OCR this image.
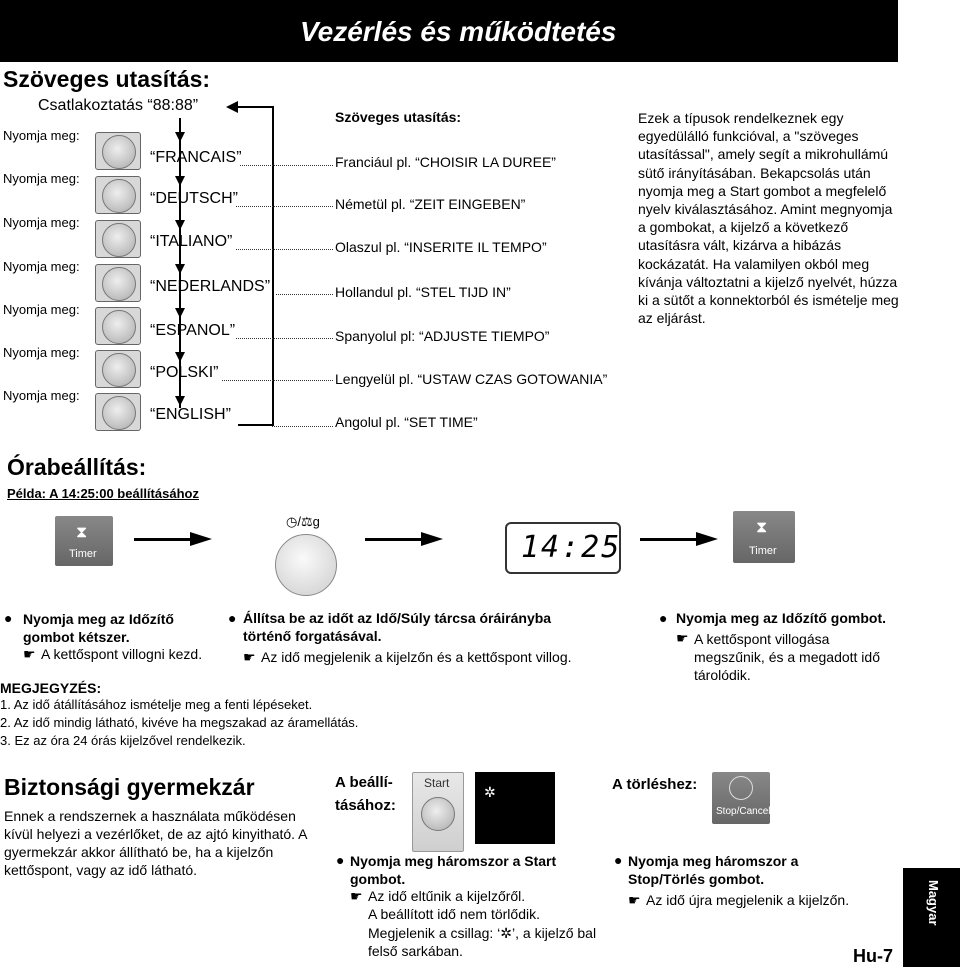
Vezérlés és működtetés
Szöveges utasítás:
Csatlakoztatás “88:88”
Nyomja meg:
Nyomja meg:
Nyomja meg:
Nyomja meg:
Nyomja meg:
Nyomja meg:
Nyomja meg:
“FRANCAIS”
“DEUTSCH”
“ITALIANO”
“NEDERLANDS”
“ESPANOL”
“POLSKI”
“ENGLISH”
Szöveges utasítás:
Franciául pl. “CHOISIR LA DUREE”
Németül pl. “ZEIT EINGEBEN”
Olaszul pl. “INSERITE IL TEMPO”
Hollandul pl. “STEL TIJD IN”
Spanyolul pl: “ADJUSTE TIEMPO”
Lengyelül pl. “USTAW CZAS GOTOWANIA”
Angolul pl. “SET TIME”
Ezek a típusok rendelkeznek egy egyedülálló funkcióval, a "szöveges utasítással", amely segít a mikrohullámú sütő irányításában. Bekapcsolás után nyomja meg a Start gombot a megfelelő nyelv kiválasztásához. Amint megnyomja a gombokat, a kijelző a következő utasításra vált, kizárva a hibázás kockázatát. Ha valamilyen okból meg kívánja változtatni a kijelző nyelvét, húzza ki a sütőt a konnektorból és ismételje meg az eljárást.
Órabeállítás:
Példa: A 14:25:00 beállításához
⧗
Timer
◷/⚖g
14:25
⧗
Timer
● Nyomja meg az Időzítő gombot kétszer.
☛ A kettőspont villogni kezd.
● Állítsa be az időt az Idő/Súly tárcsa óráirányba
történő forgatásával.
☛ Az idő megjelenik a kijelzőn és a kettőspont villog.
● Nyomja meg az Időzítő gombot.
☛ A kettőspont villogása megszűnik, és a megadott idő tárolódik.
MEGJEGYZÉS:
1. Az idő átállításához ismételje meg a fenti lépéseket.
2. Az idő mindig látható, kivéve ha megszakad az áramellátás.
3. Ez az óra 24 órás kijelzővel rendelkezik.
Biztonsági gyermekzár
Ennek a rendszernek a használata működésen kívül helyezi a vezérlőket, de az ajtó kinyitható. A gyermekzár akkor állítható be, ha a kijelzőn kettőspont, vagy az idő látható.
A beállí-
tásához:
Start
✲
● Nyomja meg háromszor a Start gombot.
☛ Az idő eltűnik a kijelzőről.
A beállított idő nem törlődik.
Megjelenik a csillag: ‘✲’, a kijelző bal felső sarkában.
A törléshez:
Stop/Cancel
● Nyomja meg háromszor a Stop/Törlés gombot.
☛ Az idő újra megjelenik a kijelzőn.
Hu-7
Magyar
